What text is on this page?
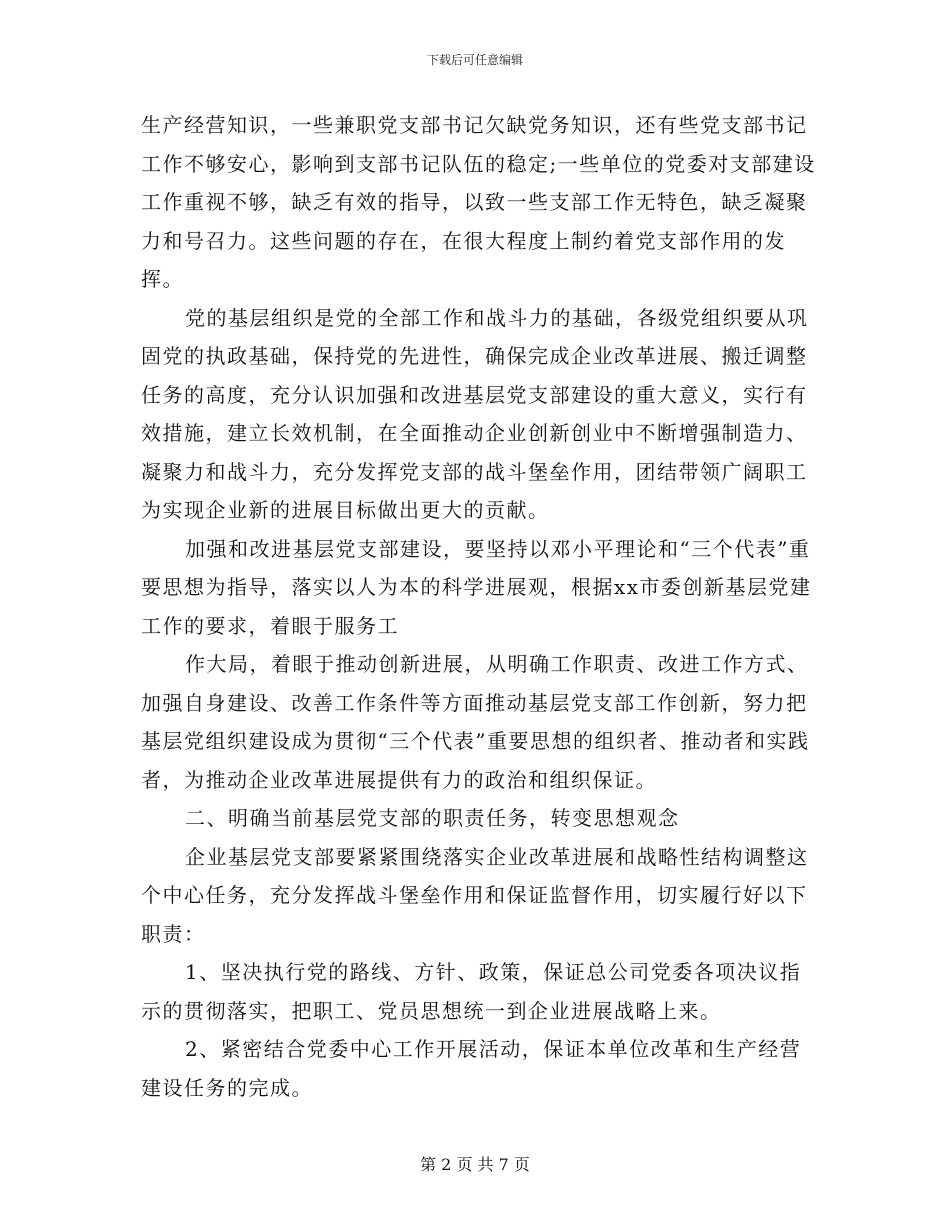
下载后可任意编辑

生产经营知识，一些兼职党支部书记欠缺党务知识，还有些党支部书记工作不够安心，影响到支部书记队伍的稳定;一些单位的党委对支部建设工作重视不够，缺乏有效的指导，以致一些支部工作无特色，缺乏凝聚力和号召力。这些问题的存在，在很大程度上制约着党支部作用的发挥。

党的基层组织是党的全部工作和战斗力的基础，各级党组织要从巩固党的执政基础，保持党的先进性，确保完成企业改革进展、搬迁调整任务的高度，充分认识加强和改进基层党支部建设的重大意义，实行有效措施，建立长效机制，在全面推动企业创新创业中不断增强制造力、凝聚力和战斗力，充分发挥党支部的战斗堡垒作用，团结带领广阔职工为实现企业新的进展目标做出更大的贡献。

加强和改进基层党支部建设，要坚持以邓小平理论和“三个代表”重要思想为指导，落实以人为本的科学进展观，根据xx市委创新基层党建工作的要求，着眼于服务工

作大局，着眼于推动创新进展，从明确工作职责、改进工作方式、加强自身建设、改善工作条件等方面推动基层党支部工作创新，努力把基层党组织建设成为贯彻“三个代表”重要思想的组织者、推动者和实践者，为推动企业改革进展提供有力的政治和组织保证。

二、明确当前基层党支部的职责任务，转变思想观念

企业基层党支部要紧紧围绕落实企业改革进展和战略性结构调整这个中心任务，充分发挥战斗堡垒作用和保证监督作用，切实履行好以下职责：

1、坚决执行党的路线、方针、政策，保证总公司党委各项决议指示的贯彻落实，把职工、党员思想统一到企业进展战略上来。

2、紧密结合党委中心工作开展活动，保证本单位改革和生产经营建设任务的完成。

第 2 页 共 7 页
